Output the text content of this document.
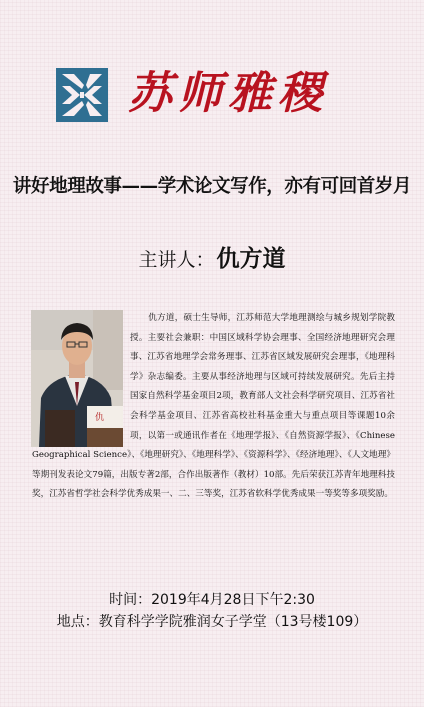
苏师雅稷
讲好地理故事——学术论文写作，亦有可回首岁月
主讲人：仇方道
仇
仇方道，硕士生导师，江苏师范大学地理测绘与城乡规划学院教授。主要社会兼职：中国区域科学协会理事、全国经济地理研究会理事、江苏省地理学会常务理事、江苏省区域发展研究会理事，《地理科学》杂志编委。主要从事经济地理与区域可持续发展研究。先后主持国家自然科学基金项目2项，教育部人文社会科学研究项目、江苏省社会科学基金项目、江苏省高校社科基金重大与重点项目等课题10余项，以第一或通讯作者在《地理学报》、《自然资源学报》、《Chinese Geographical Science》、《地理研究》、《地理科学》、《资源科学》、《经济地理》、《人文地理》等期刊发表论文79篇，出版专著2部，合作出版著作（教材）10部。先后荣获江苏青年地理科技奖，江苏省哲学社会科学优秀成果一、二、三等奖，江苏省软科学优秀成果一等奖等多项奖励。
时间：2019年4月28日下午2:30
地点：教育科学学院雅润女子学堂（13号楼109）
